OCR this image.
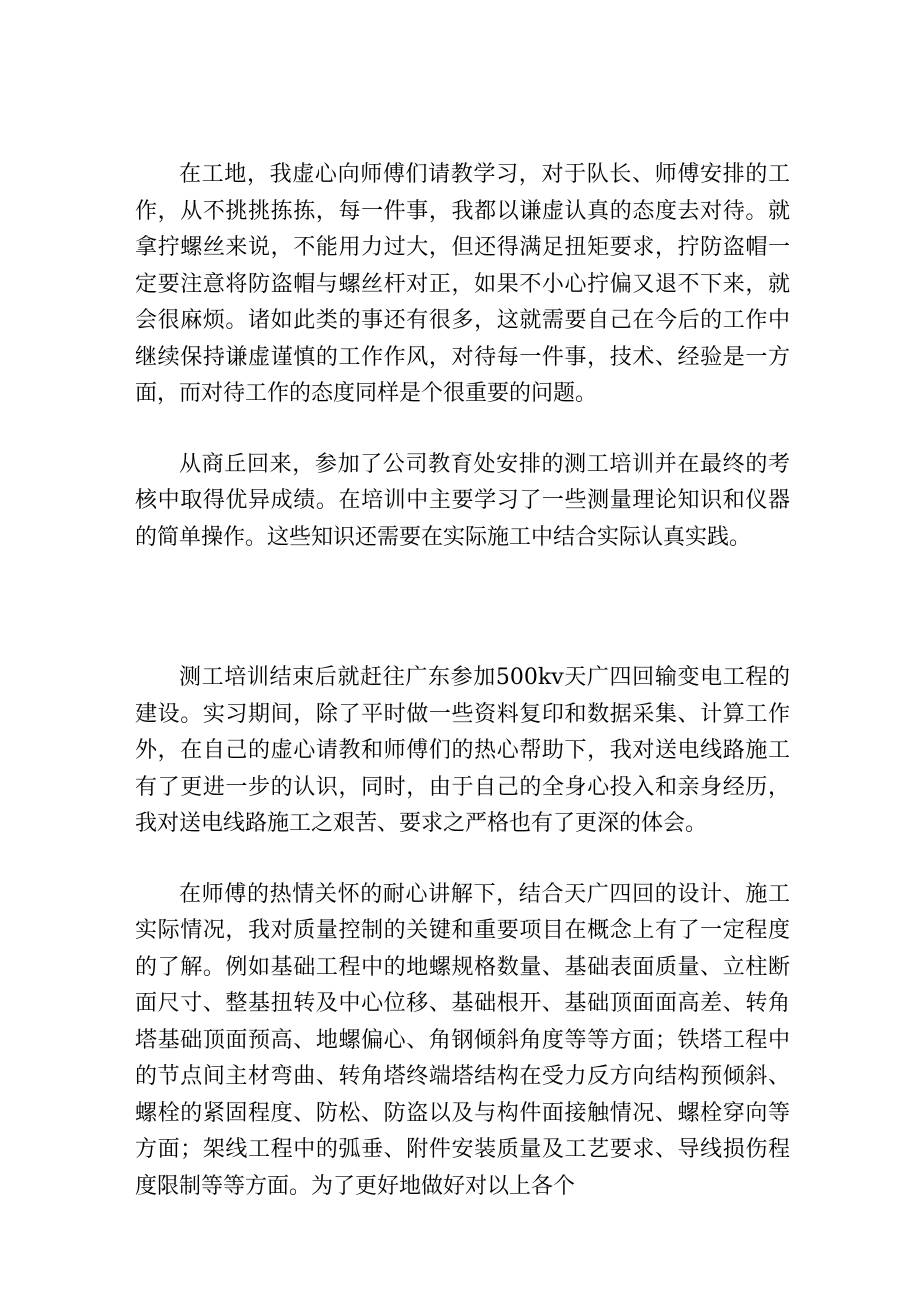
在工地，我虚心向师傅们请教学习，对于队长、师傅安排的工作，从不挑挑拣拣，每一件事，我都以谦虚认真的态度去对待。就拿拧螺丝来说，不能用力过大，但还得满足扭矩要求，拧防盗帽一定要注意将防盗帽与螺丝杆对正，如果不小心拧偏又退不下来，就会很麻烦。诸如此类的事还有很多，这就需要自己在今后的工作中继续保持谦虚谨慎的工作作风，对待每一件事，技术、经验是一方面，而对待工作的态度同样是个很重要的问题。

从商丘回来，参加了公司教育处安排的测工培训并在最终的考核中取得优异成绩。在培训中主要学习了一些测量理论知识和仪器的简单操作。这些知识还需要在实际施工中结合实际认真实践。

测工培训结束后就赶往广东参加500kv天广四回输变电工程的建设。实习期间，除了平时做一些资料复印和数据采集、计算工作外，在自己的虚心请教和师傅们的热心帮助下，我对送电线路施工有了更进一步的认识，同时，由于自己的全身心投入和亲身经历，我对送电线路施工之艰苦、要求之严格也有了更深的体会。

在师傅的热情关怀的耐心讲解下，结合天广四回的设计、施工实际情况，我对质量控制的关键和重要项目在概念上有了一定程度的了解。例如基础工程中的地螺规格数量、基础表面质量、立柱断面尺寸、整基扭转及中心位移、基础根开、基础顶面面高差、转角塔基础顶面预高、地螺偏心、角钢倾斜角度等等方面；铁塔工程中的节点间主材弯曲、转角塔终端塔结构在受力反方向结构预倾斜、螺栓的紧固程度、防松、防盗以及与构件面接触情况、螺栓穿向等方面；架线工程中的弧垂、附件安装质量及工艺要求、导线损伤程度限制等等方面。为了更好地做好对以上各个
